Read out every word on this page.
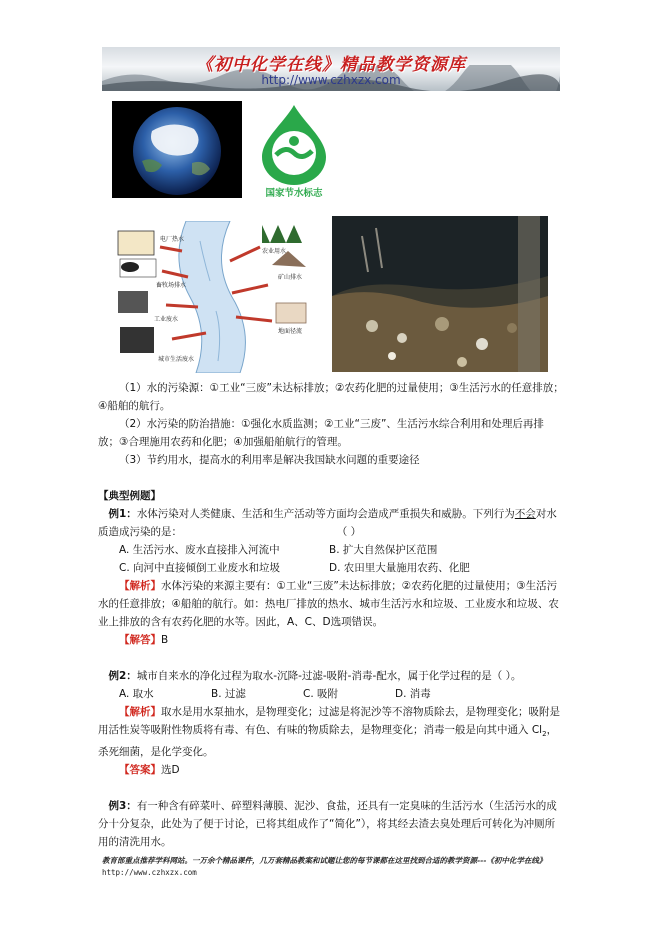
《初中化学在线》精品教学资源库
http://www.czhxzx.com
国家节水标志
电厂热水
畜牧场排水
工业废水
城市生活废水
农业用水
矿山排水
地面径流

（1）水的污染源：①工业“三废”未达标排放；②农药化肥的过量使用；③生活污水的任意排放；④船舶的航行。

（2）水污染的防治措施：①强化水质监测；②工业“三废”、生活污水综合利用和处理后再排放；③合理施用农药和化肥；④加强船舶航行的管理。

（3）节约用水，提高水的利用率是解决我国缺水问题的重要途径

【典型例题】

例1：水体污染对人类健康、生活和生产活动等方面均会造成严重损失和威胁。下列行为不会对水质造成污染的是：	（ ）

A. 生活污水、废水直接排入河流中	B. 扩大自然保护区范围

C. 向河中直接倾倒工业废水和垃圾	D. 农田里大量施用农药、化肥

【解析】水体污染的来源主要有：①工业“三废”未达标排放；②农药化肥的过量使用；③生活污水的任意排放；④船舶的航行。如：热电厂排放的热水、城市生活污水和垃圾、工业废水和垃圾、农业上排放的含有农药化肥的水等。因此，A、C、D选项错误。

【解答】B

例2：城市自来水的净化过程为取水-沉降-过滤-吸附-消毒-配水，属于化学过程的是（ ）。

A. 取水	B. 过滤	C. 吸附	D. 消毒

【解析】取水是用水泵抽水，是物理变化；过滤是将泥沙等不溶物质除去，是物理变化；吸附是用活性炭等吸附性物质将有毒、有色、有味的物质除去，是物理变化；消毒一般是向其中通入 $Cl_2$，杀死细菌，是化学变化。

【答案】选D

例3：有一种含有碎菜叶、碎塑料薄膜、泥沙、食盐，还具有一定臭味的生活污水（生活污水的成分十分复杂，此处为了便于讨论，已将其组成作了“简化”），将其经去渣去臭处理后可转化为冲厕所用的清洗用水。

教育部重点推荐学科网站。一万余个精品课件，几万套精品教案和试题让您的每节课都在这里找到合适的教学资源---《初中化学在线》 http://www.czhxzx.com
